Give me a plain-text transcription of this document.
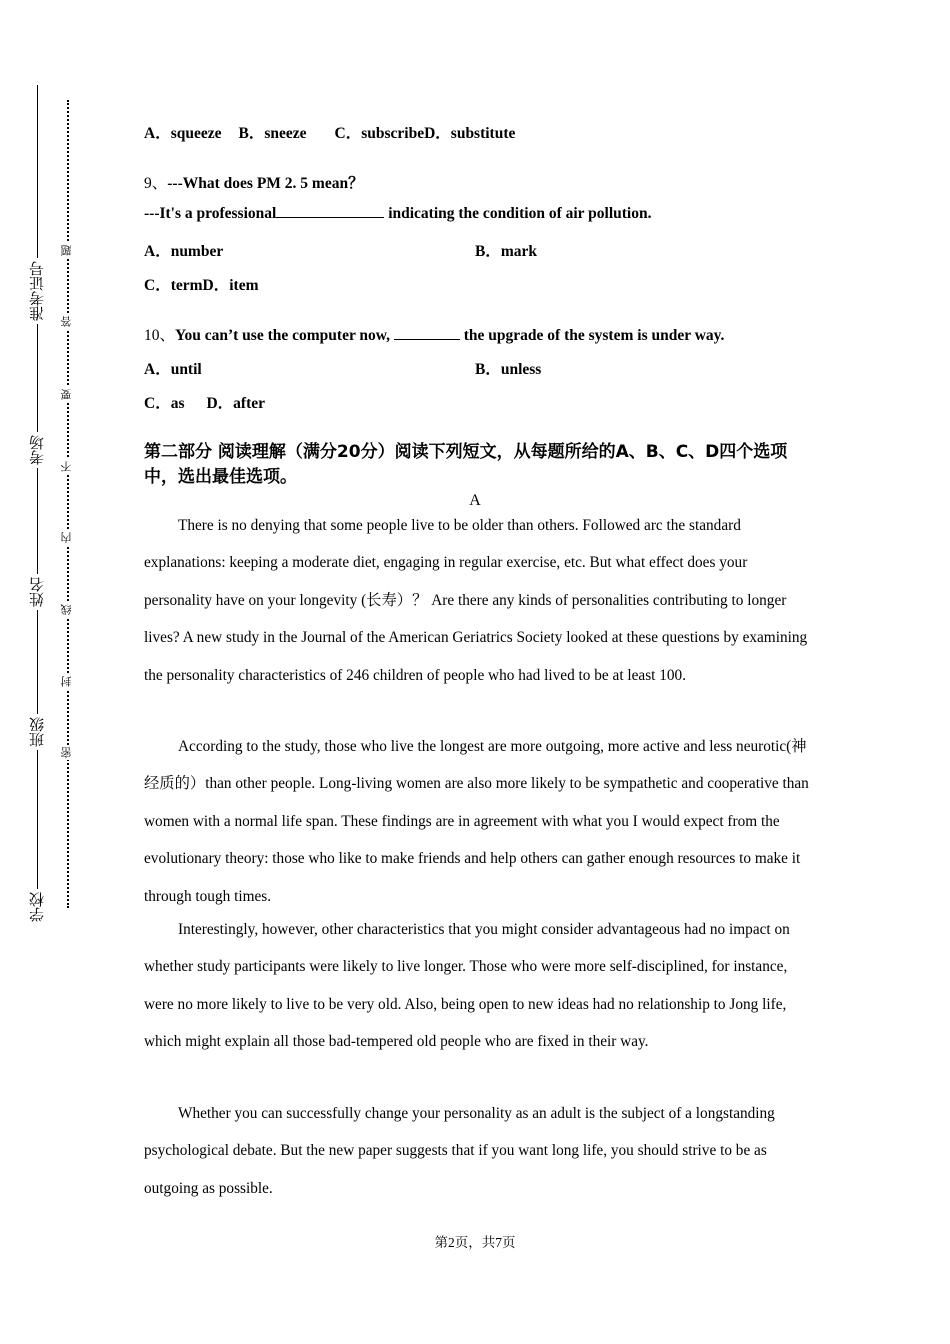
准考证号
考场
姓名
班级
学校
题
答
要
不
内
线
封
密
A．squeeze B．sneeze C．subscribeD．substitute
9、---What does PM 2. 5 mean？
---It's a professional	indicating the condition of air pollution.
A．number	B．mark
C．termD．item
10、You can’t use the computer now,	the upgrade of the system is under way.
A．until	B．unless
C．as D．after
第二部分 阅读理解（满分20分）阅读下列短文，从每题所给的A、B、C、D四个选项中，选出最佳选项。
A
There is no denying that some people live to be older than others. Followed arc the standard explanations: keeping a moderate diet, engaging in regular exercise, etc. But what effect does your personality have on your longevity (长寿）？ Are there any kinds of personalities contributing to longer lives? A new study in the Journal of the American Geriatrics Society looked at these questions by examining the personality characteristics of 246 children of people who had lived to be at least 100.
According to the study, those who live the longest are more outgoing, more active and less neurotic(神经质的）than other people. Long-living women are also more likely to be sympathetic and cooperative than women with a normal life span. These findings are in agreement with what you I would expect from the evolutionary theory: those who like to make friends and help others can gather enough resources to make it through tough times.
Interestingly, however, other characteristics that you might consider advantageous had no impact on whether study participants were likely to live longer. Those who were more self-disciplined, for instance, were no more likely to live to be very old. Also, being open to new ideas had no relationship to Jong life, which might explain all those bad-tempered old people who are fixed in their way.
Whether you can successfully change your personality as an adult is the subject of a longstanding psychological debate. But the new paper suggests that if you want long life, you should strive to be as outgoing as possible.
第2页，共7页
